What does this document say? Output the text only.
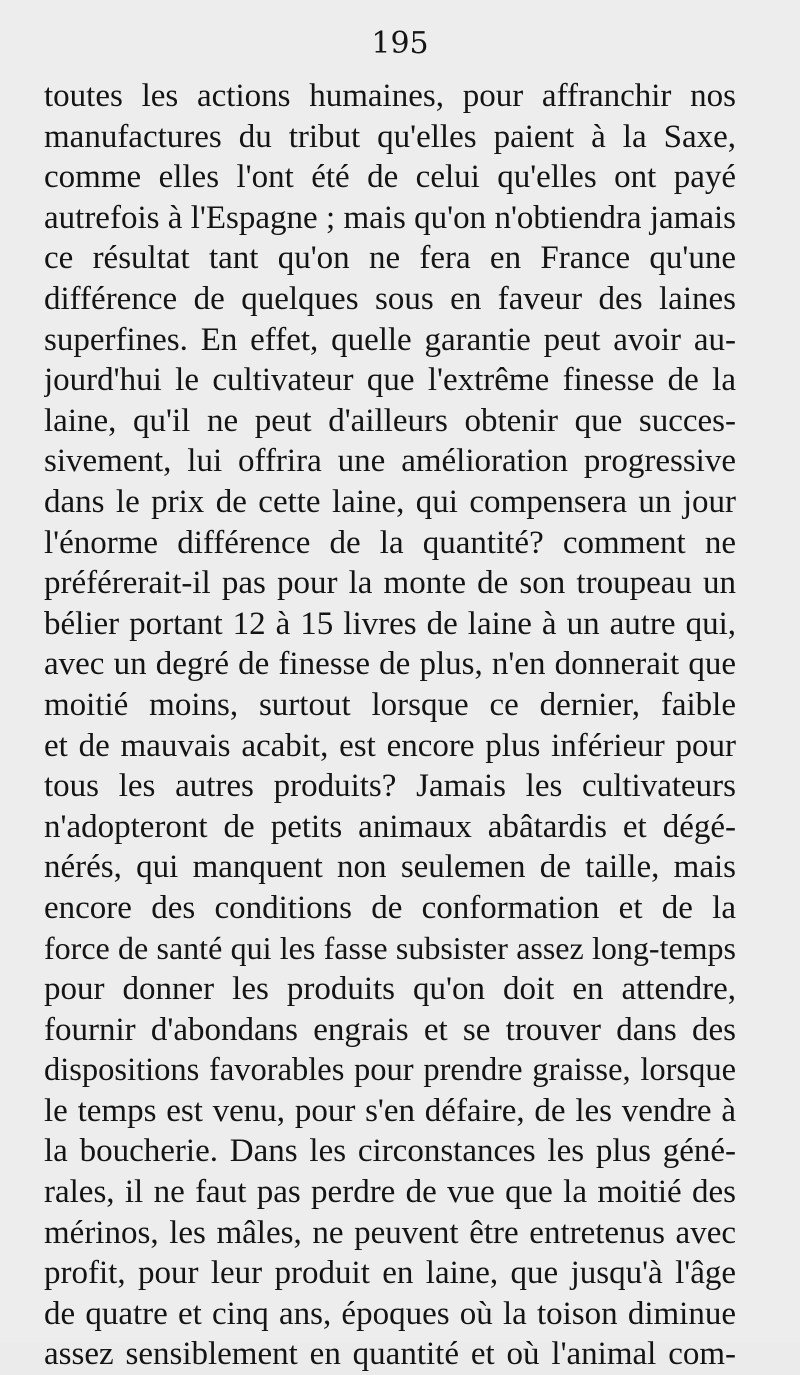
195
toutes les actions humaines, pour affranchir nos
manufactures du tribut qu'elles paient à la Saxe,
comme elles l'ont été de celui qu'elles ont payé
autrefois à l'Espagne ; mais qu'on n'obtiendra jamais
ce résultat tant qu'on ne fera en France qu'une
différence de quelques sous en faveur des laines
superfines. En effet, quelle garantie peut avoir au-
jourd'hui le cultivateur que l'extrême finesse de la
laine, qu'il ne peut d'ailleurs obtenir que succes-
sivement, lui offrira une amélioration progressive
dans le prix de cette laine, qui compensera un jour
l'énorme différence de la quantité? comment ne
préférerait-il pas pour la monte de son troupeau un
bélier portant 12 à 15 livres de laine à un autre qui,
avec un degré de finesse de plus, n'en donnerait que
moitié moins, surtout lorsque ce dernier, faible
et de mauvais acabit, est encore plus inférieur pour
tous les autres produits? Jamais les cultivateurs
n'adopteront de petits animaux abâtardis et dégé-
nérés, qui manquent non seulemen de taille, mais
encore des conditions de conformation et de la
force de santé qui les fasse subsister assez long-temps
pour donner les produits qu'on doit en attendre,
fournir d'abondans engrais et se trouver dans des
dispositions favorables pour prendre graisse, lorsque
le temps est venu, pour s'en défaire, de les vendre à
la boucherie. Dans les circonstances les plus géné-
rales, il ne faut pas perdre de vue que la moitié des
mérinos, les mâles, ne peuvent être entretenus avec
profit, pour leur produit en laine, que jusqu'à l'âge
de quatre et cinq ans, époques où la toison diminue
assez sensiblement en quantité et où l'animal com-
